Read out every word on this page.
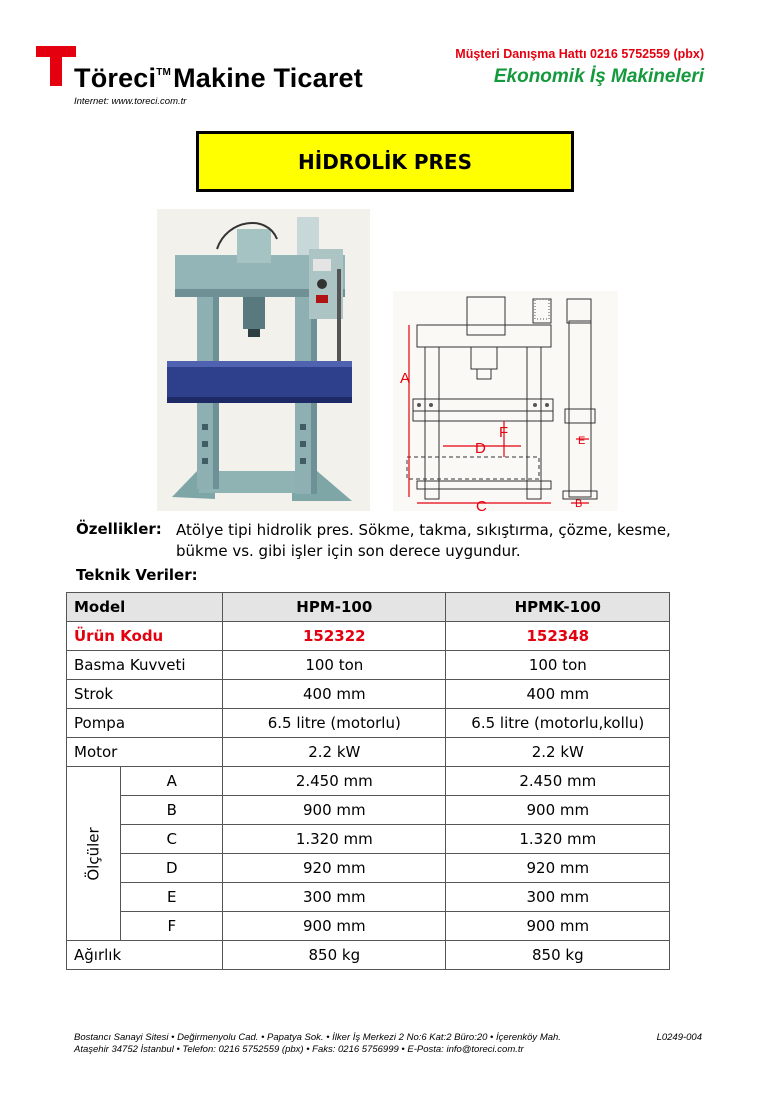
Töreci™Makine Ticaret
Internet: www.toreci.com.tr
Müşteri Danışma Hattı 0216 5752559 (pbx)
Ekonomik İş Makineleri
HİDROLİK PRES
A
C
D
F	E
B
Özellikler: Atölye tipi hidrolik pres. Sökme, takma, sıkıştırma, çözme, kesme, bükme vs. gibi işler için son derece uygundur.
Teknik Veriler:
Model		HPM-100	HPMK-100
Ürün Kodu		152322	152348
Basma Kuvveti		100 ton	100 ton
Strok		400 mm	400 mm
Pompa		6.5 litre (motorlu)	6.5 litre (motorlu,kollu)
Motor		2.2 kW	2.2 kW
Ölçüler	A	2.450 mm	2.450 mm
	B	900 mm	900 mm
	C	1.320 mm	1.320 mm
	D	920 mm	920 mm
	E	300 mm	300 mm
	F	900 mm	900 mm
Ağırlık		850 kg	850 kg
Bostancı Sanayi Sitesi • Değirmenyolu Cad. • Papatya Sok. • İlker İş Merkezi 2 No:6 Kat:2 Büro:20 • İçerenköy Mah.
Ataşehir 34752 İstanbul • Telefon: 0216 5752559 (pbx) • Faks: 0216 5756999 • E-Posta: info@toreci.com.tr
L0249-004
